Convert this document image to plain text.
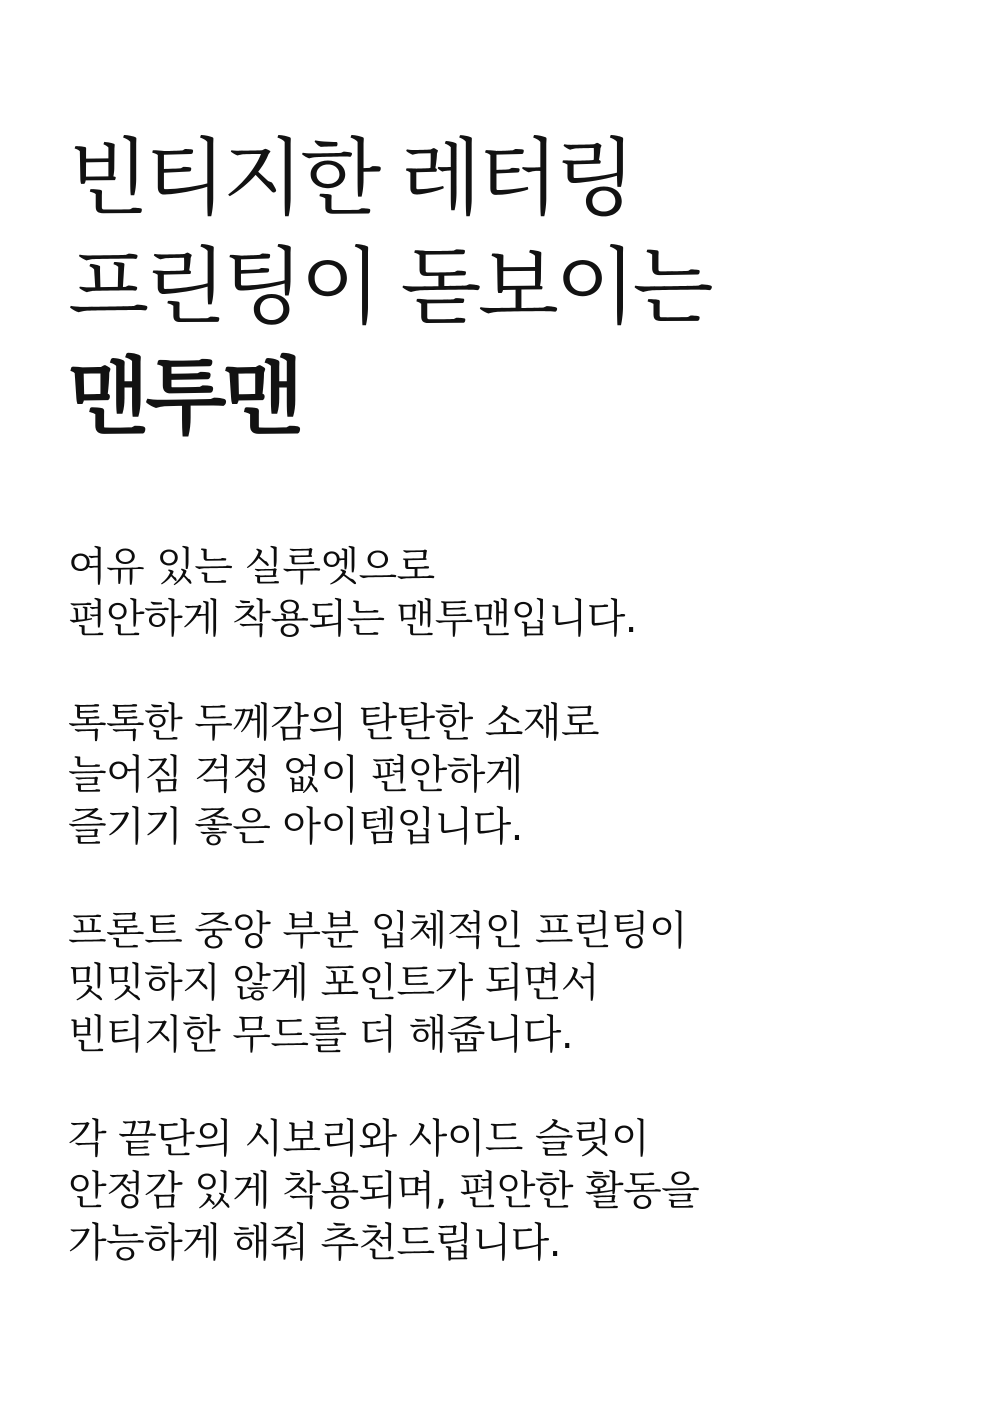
빈티지한 레터링
프린팅이 돋보이는
맨투맨
여유 있는 실루엣으로
편안하게 착용되는 맨투맨입니다.
톡톡한 두께감의 탄탄한 소재로
늘어짐 걱정 없이 편안하게
즐기기 좋은 아이템입니다.
프론트 중앙 부분 입체적인 프린팅이
밋밋하지 않게 포인트가 되면서
빈티지한 무드를 더 해줍니다.
각 끝단의 시보리와 사이드 슬릿이
안정감 있게 착용되며, 편안한 활동을
가능하게 해줘 추천드립니다.
